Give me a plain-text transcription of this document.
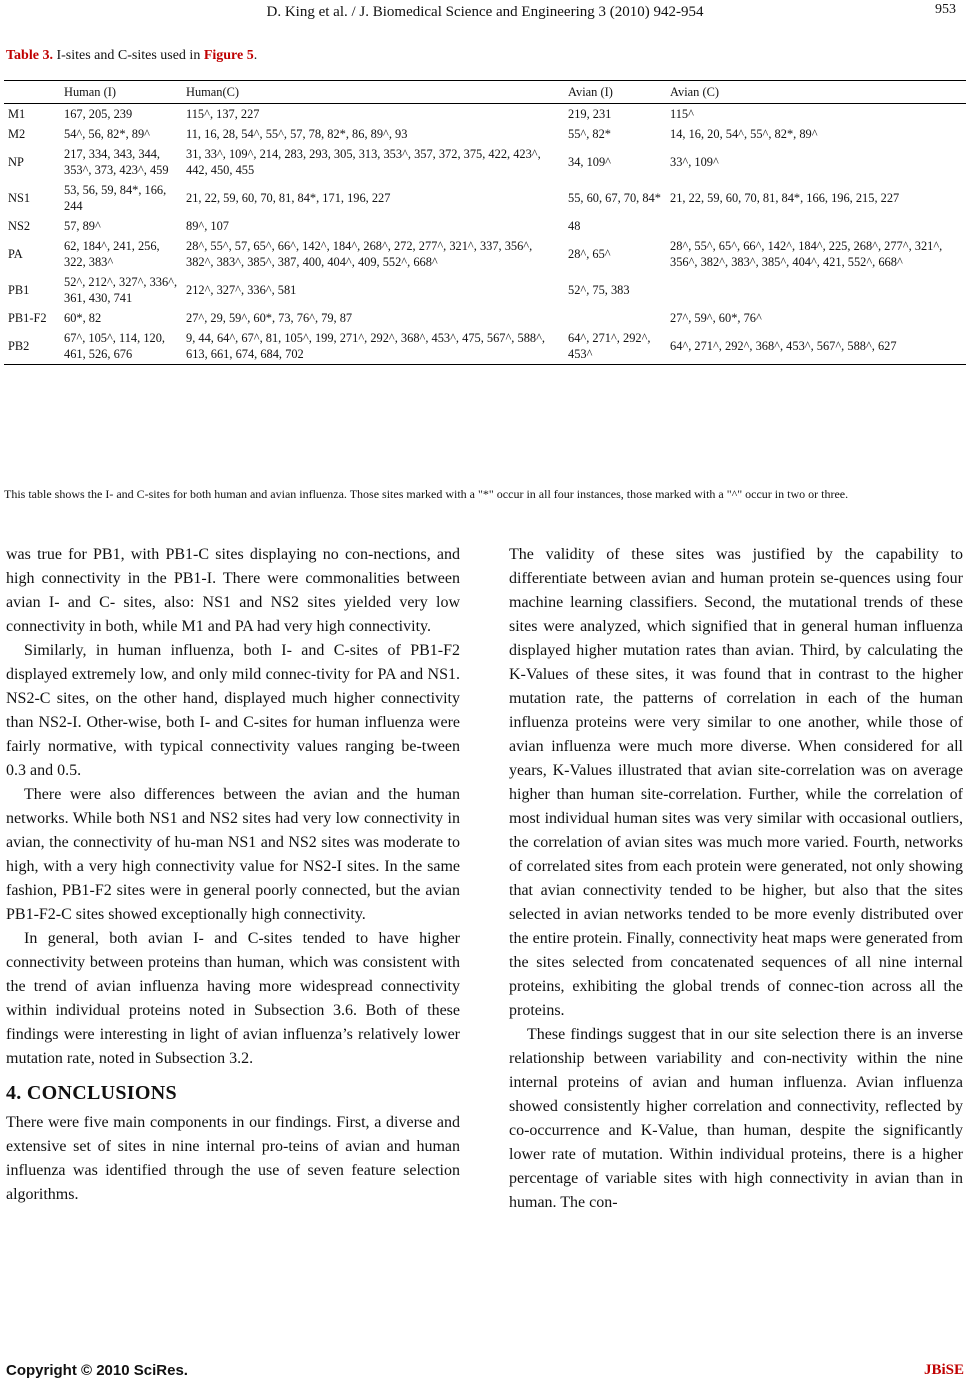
D. King et al. / J. Biomedical Science and Engineering 3 (2010) 942-954	953
Table 3. I-sites and C-sites used in Figure 5.
	Human (I)	Human(C)	Avian (I)	Avian (C)
M1	167, 205, 239	115^, 137, 227	219, 231	115^
M2	54^, 56, 82*, 89^	11, 16, 28, 54^, 55^, 57, 78, 82*, 86, 89^, 93	55^, 82*	14, 16, 20, 54^, 55^, 82*, 89^
NP	217, 334, 343, 344, 353^, 373, 423^, 459	31, 33^, 109^, 214, 283, 293, 305, 313, 353^, 357, 372, 375, 422, 423^, 442, 450, 455	34, 109^	33^, 109^
NS1	53, 56, 59, 84*, 166, 244	21, 22, 59, 60, 70, 81, 84*, 171, 196, 227	55, 60, 67, 70, 84*	21, 22, 59, 60, 70, 81, 84*, 166, 196, 215, 227
NS2	57, 89^	89^, 107	48	
PA	62, 184^, 241, 256, 322, 383^	28^, 55^, 57, 65^, 66^, 142^, 184^, 268^, 272, 277^, 321^, 337, 356^, 382^, 383^, 385^, 387, 400, 404^, 409, 552^, 668^	28^, 65^	28^, 55^, 65^, 66^, 142^, 184^, 225, 268^, 277^, 321^, 356^, 382^, 383^, 385^, 404^, 421, 552^, 668^
PB1	52^, 212^, 327^, 336^, 361, 430, 741	212^, 327^, 336^, 581	52^, 75, 383	
PB1-F2	60*, 82	27^, 29, 59^, 60*, 73, 76^, 79, 87		27^, 59^, 60*, 76^
PB2	67^, 105^, 114, 120, 461, 526, 676	9, 44, 64^, 67^, 81, 105^, 199, 271^, 292^, 368^, 453^, 475, 567^, 588^, 613, 661, 674, 684, 702	64^, 271^, 292^, 453^	64^, 271^, 292^, 368^, 453^, 567^, 588^, 627
This table shows the I- and C-sites for both human and avian influenza. Those sites marked with a "*" occur in all four instances, those marked with a "^" occur in two or three.

was true for PB1, with PB1-C sites displaying no con-nections, and high connectivity in the PB1-I. There were commonalities between avian I- and C- sites, also: NS1 and NS2 sites yielded very low connectivity in both, while M1 and PA had very high connectivity.

Similarly, in human influenza, both I- and C-sites of PB1-F2 displayed extremely low, and only mild connec-tivity for PA and NS1. NS2-C sites, on the other hand, displayed much higher connectivity than NS2-I. Other-wise, both I- and C-sites for human influenza were fairly normative, with typical connectivity values ranging be-tween 0.3 and 0.5.

There were also differences between the avian and the human networks. While both NS1 and NS2 sites had very low connectivity in avian, the connectivity of hu-man NS1 and NS2 sites was moderate to high, with a very high connectivity value for NS2-I sites. In the same fashion, PB1-F2 sites were in general poorly connected, but the avian PB1-F2-C sites showed exceptionally high connectivity.

In general, both avian I- and C-sites tended to have higher connectivity between proteins than human, which was consistent with the trend of avian influenza having more widespread connectivity within individual proteins noted in Subsection 3.6. Both of these findings were interesting in light of avian influenza’s relatively lower mutation rate, noted in Subsection 3.2.

4. CONCLUSIONS

There were five main components in our findings. First, a diverse and extensive set of sites in nine internal pro-teins of avian and human influenza was identified through the use of seven feature selection algorithms.

The validity of these sites was justified by the capability to differentiate between avian and human protein se-quences using four machine learning classifiers. Second, the mutational trends of these sites were analyzed, which signified that in general human influenza displayed higher mutation rates than avian. Third, by calculating the K-Values of these sites, it was found that in contrast to the higher mutation rate, the patterns of correlation in each of the human influenza proteins were very similar to one another, while those of avian influenza were much more diverse. When considered for all years, K-Values illustrated that avian site-correlation was on average higher than human site-correlation. Further, while the correlation of most individual human sites was very similar with occasional outliers, the correlation of avian sites was much more varied. Fourth, networks of correlated sites from each protein were generated, not only showing that avian connectivity tended to be higher, but also that the sites selected in avian networks tended to be more evenly distributed over the entire protein. Finally, connectivity heat maps were generated from the sites selected from concatenated sequences of all nine internal proteins, exhibiting the global trends of connec-tion across all the proteins.

These findings suggest that in our site selection there is an inverse relationship between variability and con-nectivity within the nine internal proteins of avian and human influenza. Avian influenza showed consistently higher correlation and connectivity, reflected by co-occurrence and K-Value, than human, despite the significantly lower rate of mutation. Within individual proteins, there is a higher percentage of variable sites with high connectivity in avian than in human. The con-

Copyright © 2010 SciRes.	JBiSE
